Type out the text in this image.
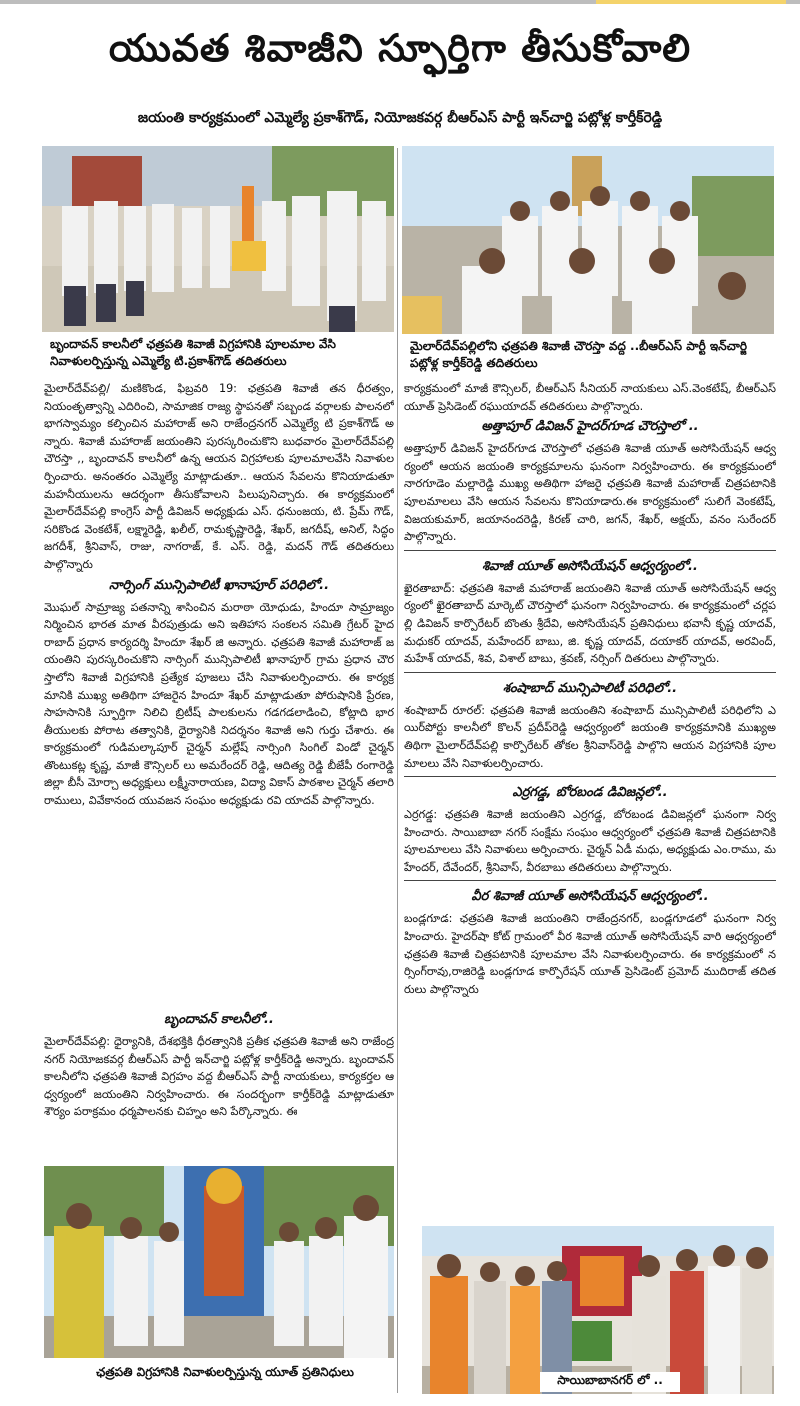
యువత శివాజీని స్ఫూర్తిగా తీసుకోవాలి
జయంతి కార్యక్రమంలో ఎమ్మెల్యే ప్రకాశ్‌గౌడ్, నియోజకవర్గ బీఆర్ఎస్ పార్టీ ఇన్‌చార్జి పట్లోళ్ల కార్తీక్‌రెడ్డి
బృందావన్ కాలనీలో ఛత్రపతి శివాజీ విగ్రహానికి పూలమాల వేసి నివాళులర్పిస్తున్న ఎమ్మెల్యే టి.ప్రకాశ్‌గౌడ్ తదితరులు
మైలార్‌దేవ్‌పల్లిలోని ఛత్రపతి శివాజీ చౌరస్తా వద్ద ..బీఆర్ఎస్ పార్టీ ఇన్‌చార్జి పట్లోళ్ల కార్తీక్‌రెడ్డి తదితరులు

మైలార్‌దేవ్‌పల్లి/ మణికొండ, ఫిబ్రవరి 19: ఛత్రపతి శివాజీ తన ధీరత్వం, నియంతృత్వాన్ని ఎదిరించి, సామాజిక రాజ్య స్థాపనతో సబ్బండ వర్గాలకు పాలనలో భాగస్వామ్యం కల్పించిన మహారాజ్ అని రాజేంద్రనగర్ ఎమ్మెల్యే టి ప్రకాశ్‌గౌడ్ అన్నారు. శివాజీ మహారాజ్ జయంతిని పురస్కరించుకొని బుధవారం మైలార్‌దేవ్‌పల్లి చౌరస్తా ,, బృందావన్ కాలనీలో ఉన్న ఆయన విగ్రహాలకు పూలమాలవేసి నివాళులర్పించారు. అనంతరం ఎమ్మెల్యే మాట్లాడుతూ.. ఆయన సేవలను కొనియాడుతూ మహనీయులను ఆదర్శంగా తీసుకోవాలని పిలుపునిచ్చారు. ఈ కార్యక్రమంలో మైలార్‌దేవ్‌పల్లి కాంగ్రెస్ పార్టీ డివిజన్ అధ్యక్షుడు ఎస్. ధనుంజయ, టి. ప్రేమ్ గౌడ్, సరికొండ వెంకటేశ్, లక్ష్మారెడ్డి, ఖలీల్, రామకృష్ణారెడ్డి, శేఖర్, జగదీష్, అనిల్, సిద్ధం జగదీశ్, శ్రీనివాస్, రాజు, నాగరాజ్, కే. ఎస్. రెడ్డి, మదన్ గౌడ్ తదితరులు పాల్గొన్నారు

నార్సింగ్ మున్సిపాలిటీ ఖానాపూర్ పరిధిలో..

మొఘల్ సామ్రాజ్య పతనాన్ని శాసించిన మరాఠా యోధుడు, హిందూ సామ్రాజ్యం నిర్మించిన భారత మాత వీరపుత్రుడు అని ఇతిహాస సంకలన సమితి గ్రేటర్ హైదరాబాద్ ప్రధాన కార్యదర్శి హిందూ శేఖర్ జి అన్నారు. ఛత్రపతి శివాజీ మహారాజ్ జయంతిని పురస్కరించుకొని నార్సింగ్ మున్సిపాలిటీ ఖానాపూర్ గ్రామ ప్రధాన చౌరస్తాలోని శివాజీ విగ్రహానికి ప్రత్యేక పూజలు చేసి నివాళులర్పించారు. ఈ కార్యక్రమానికి ముఖ్య అతిథిగా హాజరైన హిందూ శేఖర్ మాట్లాడుతూ పోరుషానికి ప్రేరణ, సాహసానికి స్ఫూర్తిగా నిలిచి బ్రిటీష్ పాలకులను గడగడలాడించి, కోట్లాది భారతీయులకు పోరాట తత్వానికి, ధైర్యానికి నిదర్శనం శివాజీ అని గుర్తు చేశారు. ఈ కార్యక్రమంలో గుడిమల్కాపూర్ చైర్మన్ మల్లేష్ నార్సింగి సింగిల్ విండో చైర్మన్ తొంటుకట్ల కృష్ణ, మాజీ కౌన్సిలర్ లు అమరేందర్ రెడ్డి, ఆదిత్య రెడ్డి బీజేపీ రంగారెడ్డి జిల్లా బీసీ మోర్చా అధ్యక్షులు లక్ష్మీనారాయణ, విద్యా వికాస్ పాఠశాల చైర్మన్ తలారి రాములు, వివేకానంద యువజన సంఘం అధ్యక్షుడు రవి యాదవ్ పాల్గొన్నారు.

బృందావన్ కాలనీలో..

మైలార్‌దేవ్‌పల్లి: ధైర్యానికి, దేశభక్తికి ధీరత్వానికి ప్రతీక ఛత్రపతి శివాజీ అని రాజేంద్రనగర్ నియోజకవర్గ బీఆర్ఎస్ పార్టీ ఇన్‌చార్జి పట్లోళ్ల కార్తీక్‌రెడ్డి అన్నారు. బృందావన్ కాలనీలోని ఛత్రపతి శివాజీ విగ్రహం వద్ద బీఆర్ఎస్ పార్టీ నాయకులు, కార్యకర్తల ఆధ్వర్యంలో జయంతిని నిర్వహించారు. ఈ సందర్భంగా కార్తీక్‌రెడ్డి మాట్లాడుతూ శౌర్యం పరాక్రమం ధర్మపాలనకు చిహ్నం అని పేర్కొన్నారు. ఈ

ఛత్రపతి విగ్రహానికి నివాళులర్పిస్తున్న యూత్ ప్రతినిధులు

కార్యక్రమంలో మాజీ కౌన్సిలర్, బీఆర్ఎస్ సీనియర్ నాయకులు ఎస్.వెంకటేష్, బీఆర్ఎస్ యూత్ ప్రెసిడెంట్ రఘుయాదవ్ తదితరులు పాల్గొన్నారు.

అత్తాపూర్ డివిజన్ హైదర్‌గూడ చౌరస్తాలో ..

అత్తాపూర్ డివిజన్ హైదర్‌గూడ చౌరస్తాలో ఛత్రపతి శివాజీ యూత్ అసోసియేషన్ ఆధ్వర్యంలో ఆయన జయంతి కార్యక్రమాలను ఘనంగా నిర్వహించారు. ఈ కార్యక్రమంలో నారగూడెం మల్లారెడ్డి ముఖ్య అతిథిగా హాజరై ఛత్రపతి శివాజీ మహారాజ్ చిత్రపటానికి పూలమాలలు వేసి ఆయన సేవలను కొనియాడారు.ఈ కార్యక్రమంలో సులిగే వెంకటేష్, విజయకుమార్, జయానందరెడ్డి, కిరణ్ చారి, జగన్, శేఖర్, అక్షయ్, వనం సురేందర్ పాల్గొన్నారు.

శివాజీ యూత్ అసోసియేషన్ ఆధ్వర్యంలో..

ఖైరతాబాద్: ఛత్రపతి శివాజీ మహారాజ్ జయంతిని శివాజీ యూత్ అసోసియేషన్ ఆధ్వర్యంలో ఖైరతాబాద్ మార్కెట్ చౌరస్తాలో ఘనంగా నిర్వహించారు. ఈ కార్యక్రమంలో చర్లపల్లి డివిజన్ కార్పొరేటర్ బొంతు శ్రీదేవి, అసోసియేషన్ ప్రతినిధులు భవానీ కృష్ణ యాదవ్, మధుకర్ యాదవ్, మహేందర్ బాబు, జి. కృష్ణ యాదవ్, దయాకర్ యాదవ్, అరవింద్, మహేశ్ యాదవ్, శివ, విశాల్ బాబు, శ్రవణ్, నర్సింగ్ దితరులు పాల్గొన్నారు.

శంషాబాద్ మున్సిపాలిటీ పరిధిలో..

శంషాబాద్ రూరల్: ఛత్రపతి శివాజీ జయంతిని శంషాబాద్ మున్సిపాలిటీ పరిధిలోని ఎయిర్‌పోర్టు కాలనీలో కొలన్ ప్రదీప్‌రెడ్డి ఆధ్వర్యంలో జయంతి కార్యక్రమానికి ముఖ్యఅతిథిగా మైలార్‌దేవ్‌పల్లి కార్పొరేటర్ తోకల శ్రీనివాస్‌రెడ్డి పాల్గొని ఆయన విగ్రహానికి పూలమాలలు వేసి నివాళులర్పించారు.

ఎర్రగడ్డ, బోరబండ డివిజన్లలో..

ఎర్రగడ్డ: ఛత్రపతి శివాజీ జయంతిని ఎర్రగడ్డ, బోరబండ డివిజన్లలో ఘనంగా నిర్వహించారు. సాయిబాబా నగర్ సంక్షేమ సంఘం ఆధ్వర్యంలో ఛత్రపతి శివాజీ చిత్రపటానికి పూలమాలలు వేసి నివాళులు అర్పించారు. చైర్మన్ ఏడీ మధు, అధ్యక్షుడు ఎం.రాము, మహేందర్, దేవేందర్, శ్రీనివాస్, వీరబాబు తదితరులు పాల్గొన్నారు.

వీర శివాజీ యూత్ అసోసియేషన్ ఆధ్వర్యంలో..

బండ్లగూడ: ఛత్రపతి శివాజీ జయంతిని రాజేంద్రనగర్, బండ్లగూడలో ఘనంగా నిర్వహించారు. హైదర్‌షా కోట్ గ్రామంలో వీర శివాజీ యూత్ అసోసియేషన్ వారి ఆధ్వర్యంలో ఛత్రపతి శివాజీ చిత్రపటానికి పూలమాల వేసి నివాళులర్పించారు. ఈ కార్యక్రమంలో నర్సింగ్‌రావు,రాజిరెడ్డి బండ్లగూడ కార్పొరేషన్ యూత్ ప్రెసిడెంట్ ప్రమోద్ ముదిరాజ్ తదితరులు పాల్గొన్నారు

సాయిబాబానగర్ లో ..
